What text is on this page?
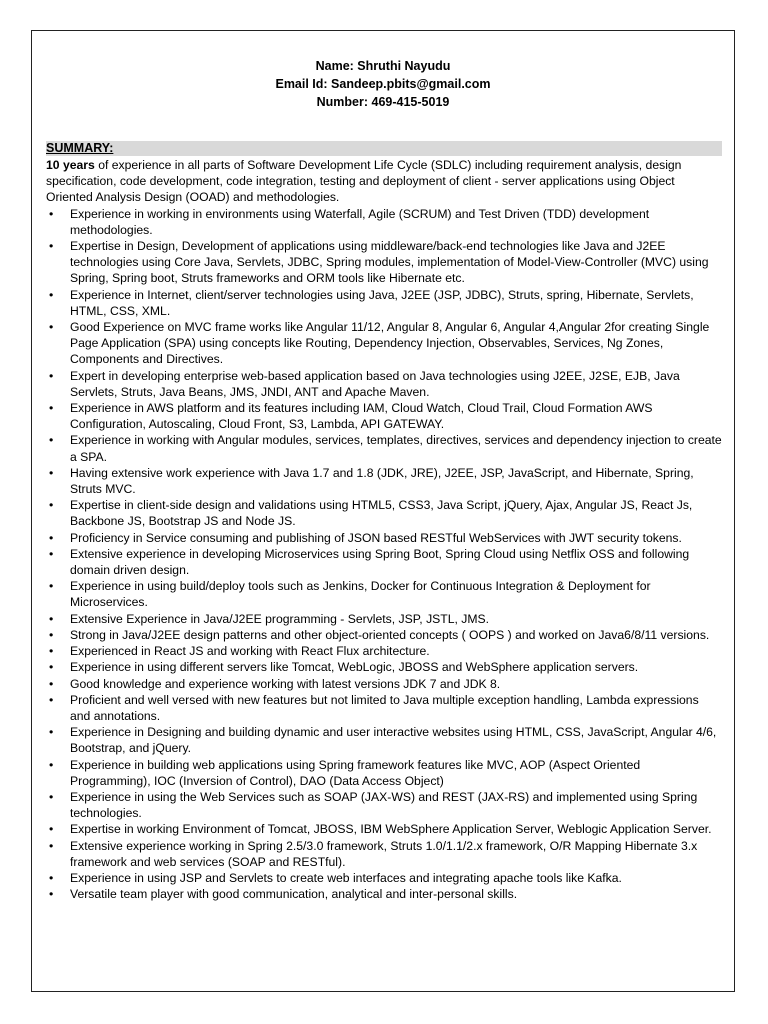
Name: Shruthi Nayudu
Email Id: Sandeep.pbits@gmail.com
Number: 469-415-5019
SUMMARY:

10 years of experience in all parts of Software Development Life Cycle (SDLC) including requirement analysis, design specification, code development, code integration, testing and deployment of client - server applications using Object Oriented Analysis Design (OOAD) and methodologies.

• Experience in working in environments using Waterfall, Agile (SCRUM) and Test Driven (TDD) development methodologies.
• Expertise in Design, Development of applications using middleware/back-end technologies like Java and J2EE technologies using Core Java, Servlets, JDBC, Spring modules, implementation of Model-View-Controller (MVC) using Spring, Spring boot, Struts frameworks and ORM tools like Hibernate etc.
• Experience in Internet, client/server technologies using Java, J2EE (JSP, JDBC), Struts, spring, Hibernate, Servlets, HTML, CSS, XML.
• Good Experience on MVC frame works like Angular 11/12, Angular 8, Angular 6, Angular 4,Angular 2for creating Single Page Application (SPA) using concepts like Routing, Dependency Injection, Observables, Services, Ng Zones, Components and Directives.
• Expert in developing enterprise web-based application based on Java technologies using J2EE, J2SE, EJB, Java Servlets, Struts, Java Beans, JMS, JNDI, ANT and Apache Maven.
• Experience in AWS platform and its features including IAM, Cloud Watch, Cloud Trail, Cloud Formation AWS Configuration, Autoscaling, Cloud Front, S3, Lambda, API GATEWAY.
• Experience in working with Angular modules, services, templates, directives, services and dependency injection to create a SPA.
• Having extensive work experience with Java 1.7 and 1.8 (JDK, JRE), J2EE, JSP, JavaScript, and Hibernate, Spring, Struts MVC.
• Expertise in client-side design and validations using HTML5, CSS3, Java Script, jQuery, Ajax, Angular JS, React Js, Backbone JS, Bootstrap JS and Node JS.
• Proficiency in Service consuming and publishing of JSON based RESTful WebServices with JWT security tokens.
• Extensive experience in developing Microservices using Spring Boot, Spring Cloud using Netflix OSS and following domain driven design.
• Experience in using build/deploy tools such as Jenkins, Docker for Continuous Integration & Deployment for Microservices.
• Extensive Experience in Java/J2EE programming - Servlets, JSP, JSTL, JMS.
• Strong in Java/J2EE design patterns and other object-oriented concepts ( OOPS ) and worked on Java6/8/11 versions.
• Experienced in React JS and working with React Flux architecture.
• Experience in using different servers like Tomcat, WebLogic, JBOSS and WebSphere application servers.
• Good knowledge and experience working with latest versions JDK 7 and JDK 8.
• Proficient and well versed with new features but not limited to Java multiple exception handling, Lambda expressions and annotations.
• Experience in Designing and building dynamic and user interactive websites using HTML, CSS, JavaScript, Angular 4/6, Bootstrap, and jQuery.
• Experience in building web applications using Spring framework features like MVC, AOP (Aspect Oriented Programming), IOC (Inversion of Control), DAO (Data Access Object)
• Experience in using the Web Services such as SOAP (JAX-WS) and REST (JAX-RS) and implemented using Spring technologies.
• Expertise in working Environment of Tomcat, JBOSS, IBM WebSphere Application Server, Weblogic Application Server.
• Extensive experience working in Spring 2.5/3.0 framework, Struts 1.0/1.1/2.x framework, O/R Mapping Hibernate 3.x framework and web services (SOAP and RESTful).
• Experience in using JSP and Servlets to create web interfaces and integrating apache tools like Kafka.
• Versatile team player with good communication, analytical and inter-personal skills.
